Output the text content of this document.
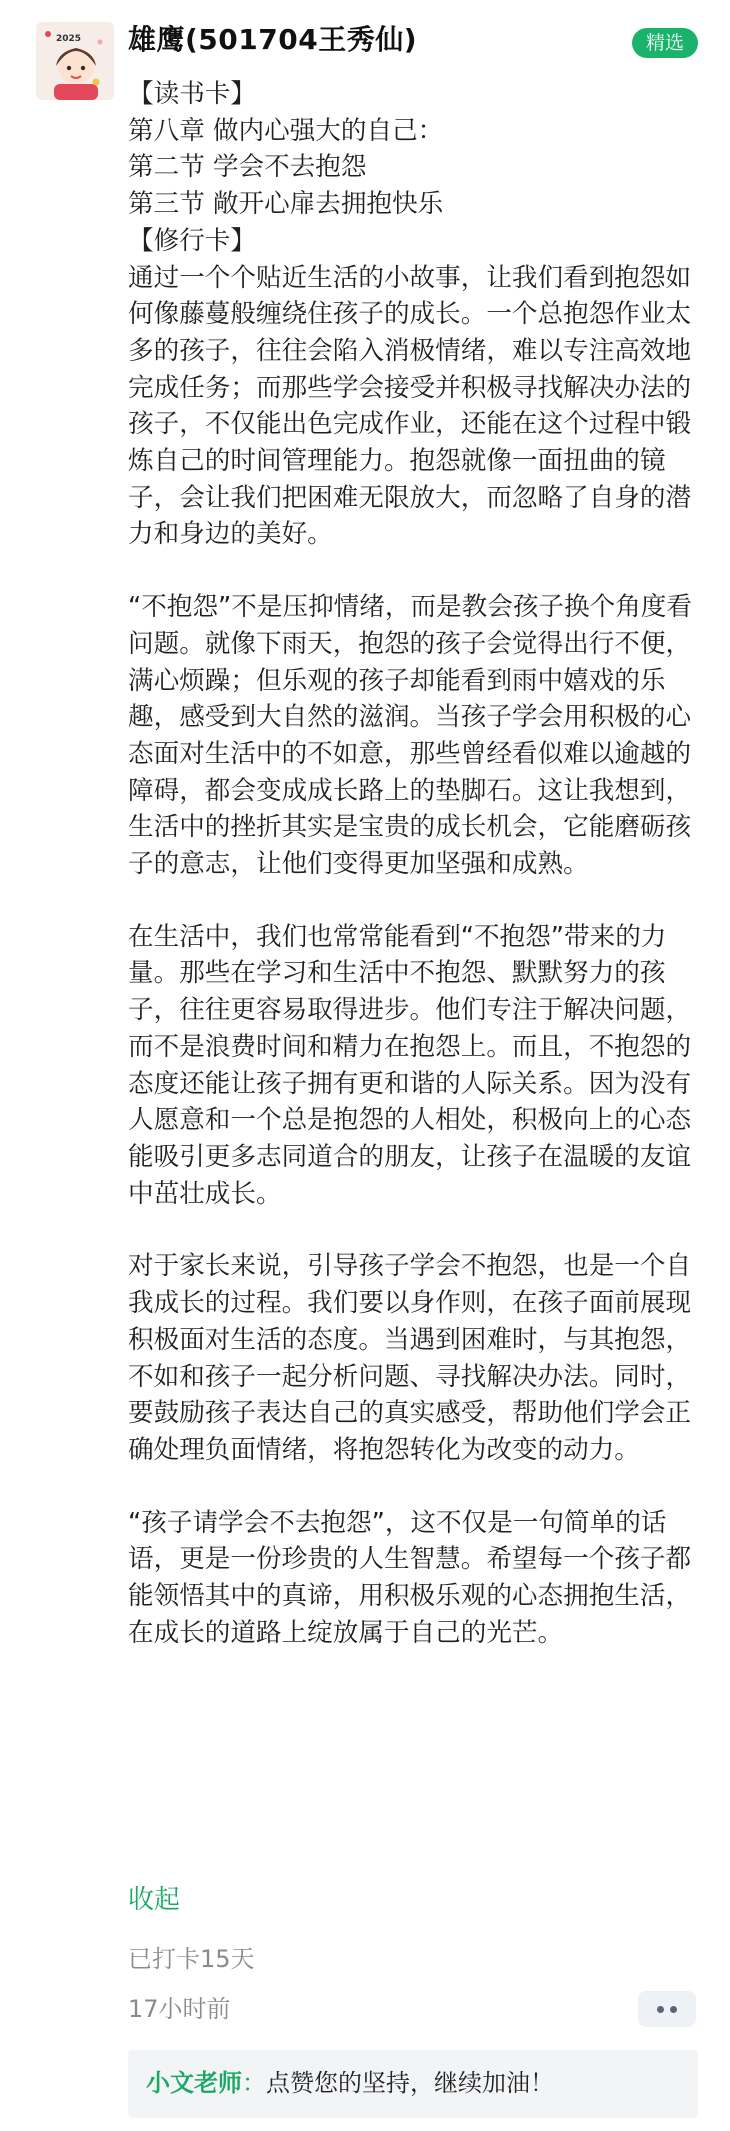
2025 雄鹰(501704王秀仙)	精选

【读书卡】

第八章 做内心强大的自己：

第二节 学会不去抱怨

第三节 敞开心扉去拥抱快乐

【修行卡】

通过一个个贴近生活的小故事，让我们看到抱怨如何像藤蔓般缠绕住孩子的成长。一个总抱怨作业太多的孩子，往往会陷入消极情绪，难以专注高效地完成任务；而那些学会接受并积极寻找解决办法的孩子，不仅能出色完成作业，还能在这个过程中锻炼自己的时间管理能力。抱怨就像一面扭曲的镜子，会让我们把困难无限放大，而忽略了自身的潜力和身边的美好。

“不抱怨”不是压抑情绪，而是教会孩子换个角度看问题。就像下雨天，抱怨的孩子会觉得出行不便，满心烦躁；但乐观的孩子却能看到雨中嬉戏的乐趣，感受到大自然的滋润。当孩子学会用积极的心态面对生活中的不如意，那些曾经看似难以逾越的障碍，都会变成成长路上的垫脚石。这让我想到，生活中的挫折其实是宝贵的成长机会，它能磨砺孩子的意志，让他们变得更加坚强和成熟。

在生活中，我们也常常能看到“不抱怨”带来的力量。那些在学习和生活中不抱怨、默默努力的孩子，往往更容易取得进步。他们专注于解决问题，而不是浪费时间和精力在抱怨上。而且，不抱怨的态度还能让孩子拥有更和谐的人际关系。因为没有人愿意和一个总是抱怨的人相处，积极向上的心态能吸引更多志同道合的朋友，让孩子在温暖的友谊中茁壮成长。

对于家长来说，引导孩子学会不抱怨，也是一个自我成长的过程。我们要以身作则，在孩子面前展现积极面对生活的态度。当遇到困难时，与其抱怨，不如和孩子一起分析问题、寻找解决办法。同时，要鼓励孩子表达自己的真实感受，帮助他们学会正确处理负面情绪，将抱怨转化为改变的动力。

“孩子请学会不去抱怨”，这不仅是一句简单的话语，更是一份珍贵的人生智慧。希望每一个孩子都能领悟其中的真谛，用积极乐观的心态拥抱生活，在成长的道路上绽放属于自己的光芒。

收起
已打卡15天
17小时前
小文老师：点赞您的坚持，继续加油！
